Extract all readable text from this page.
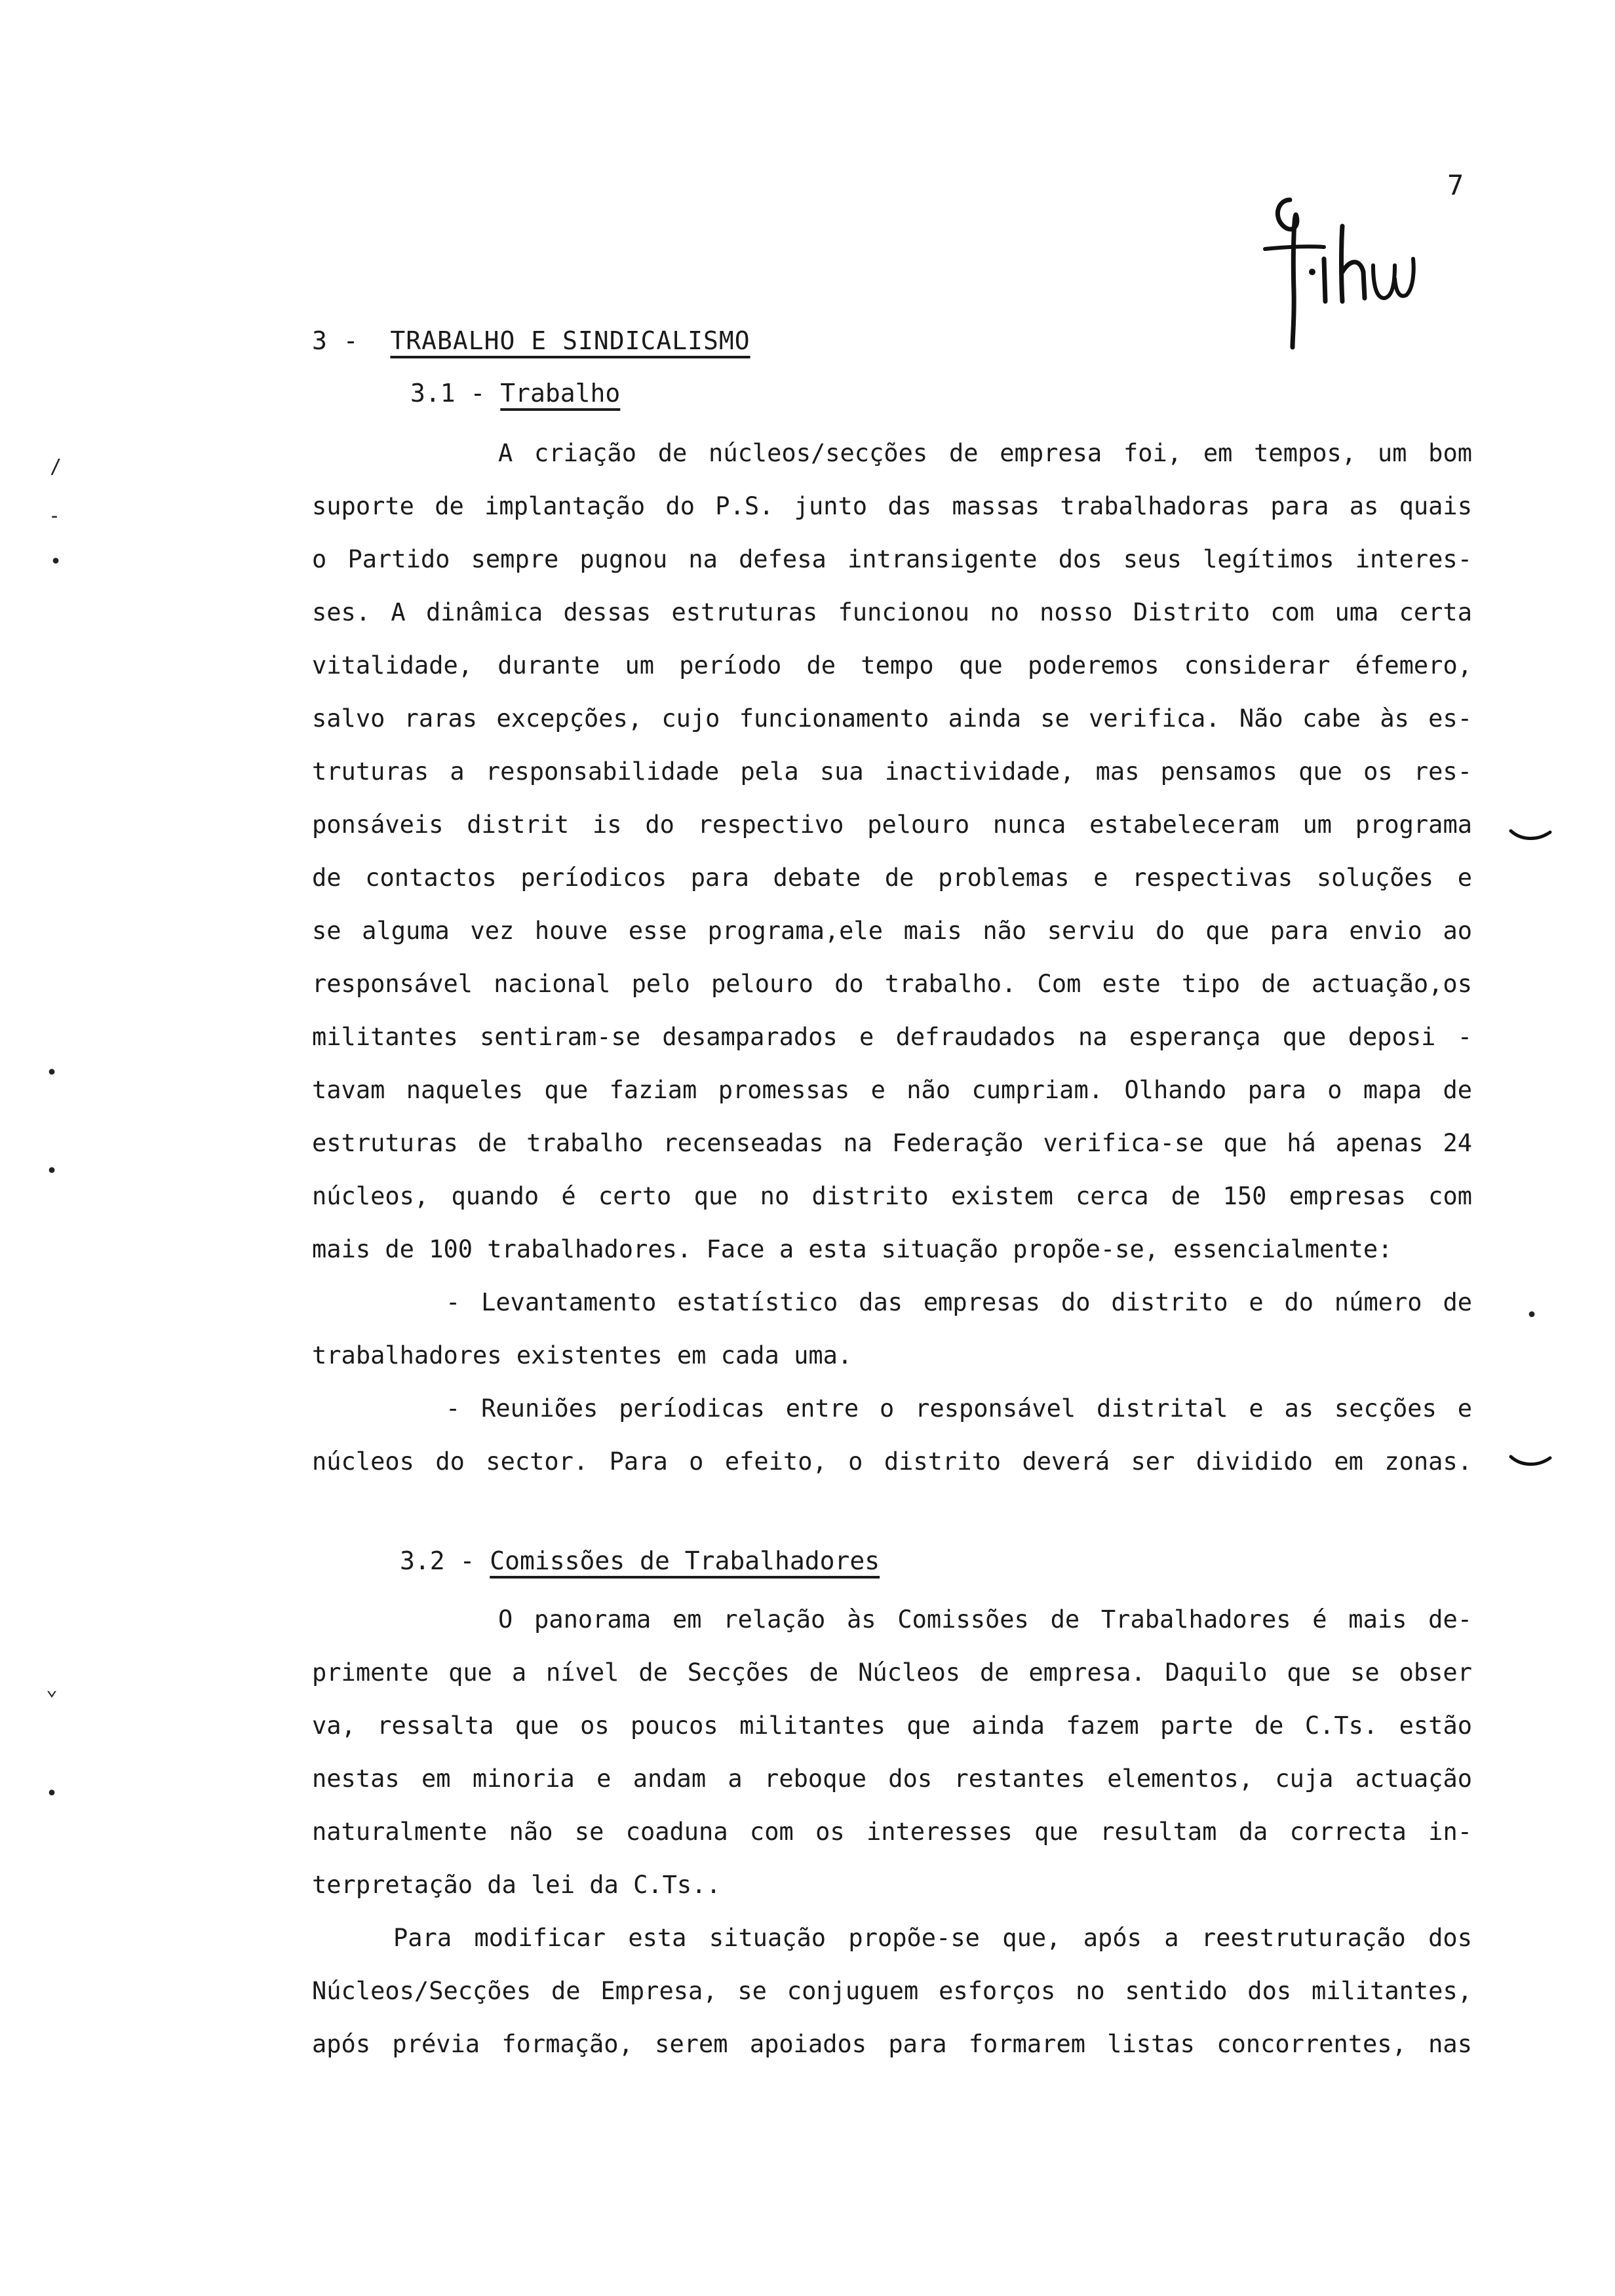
7
3 - TRABALHO E SINDICALISMO
3.1 - Trabalho
A criação de núcleos/secções de empresa foi, em tempos, um bom
suporte de implantação do P.S. junto das massas trabalhadoras para as quais
o Partido sempre pugnou na defesa intransigente dos seus legítimos interes-
ses. A dinâmica dessas estruturas funcionou no nosso Distrito com uma certa
vitalidade, durante um período de tempo que poderemos considerar éfemero,
salvo raras excepções, cujo funcionamento ainda se verifica. Não cabe às es-
truturas a responsabilidade pela sua inactividade, mas pensamos que os res-
ponsáveis distrit is do respectivo pelouro nunca estabeleceram um programa
de contactos períodicos para debate de problemas e respectivas soluções e
se alguma vez houve esse programa,ele mais não serviu do que para envio ao
responsável nacional pelo pelouro do trabalho. Com este tipo de actuação,os
militantes sentiram-se desamparados e defraudados na esperança que deposi -
tavam naqueles que faziam promessas e não cumpriam. Olhando para o mapa de
estruturas de trabalho recenseadas na Federação verifica-se que há apenas 24
núcleos, quando é certo que no distrito existem cerca de 150 empresas com
mais de 100 trabalhadores. Face a esta situação propõe-se, essencialmente:
- Levantamento estatístico das empresas do distrito e do número de
trabalhadores existentes em cada uma.
- Reuniões períodicas entre o responsável distrital e as secções e
núcleos do sector. Para o efeito, o distrito deverá ser dividido em zonas.
3.2 - Comissões de Trabalhadores
O panorama em relação às Comissões de Trabalhadores é mais de-
primente que a nível de Secções de Núcleos de empresa. Daquilo que se obser
va, ressalta que os poucos militantes que ainda fazem parte de C.Ts. estão
nestas em minoria e andam a reboque dos restantes elementos, cuja actuação
naturalmente não se coaduna com os interesses que resultam da correcta in-
terpretação da lei da C.Ts..
Para modificar esta situação propõe-se que, após a reestruturação dos
Núcleos/Secções de Empresa, se conjuguem esforços no sentido dos militantes,
após prévia formação, serem apoiados para formarem listas concorrentes, nas
/
-
•
•
•
•
⌄
•
